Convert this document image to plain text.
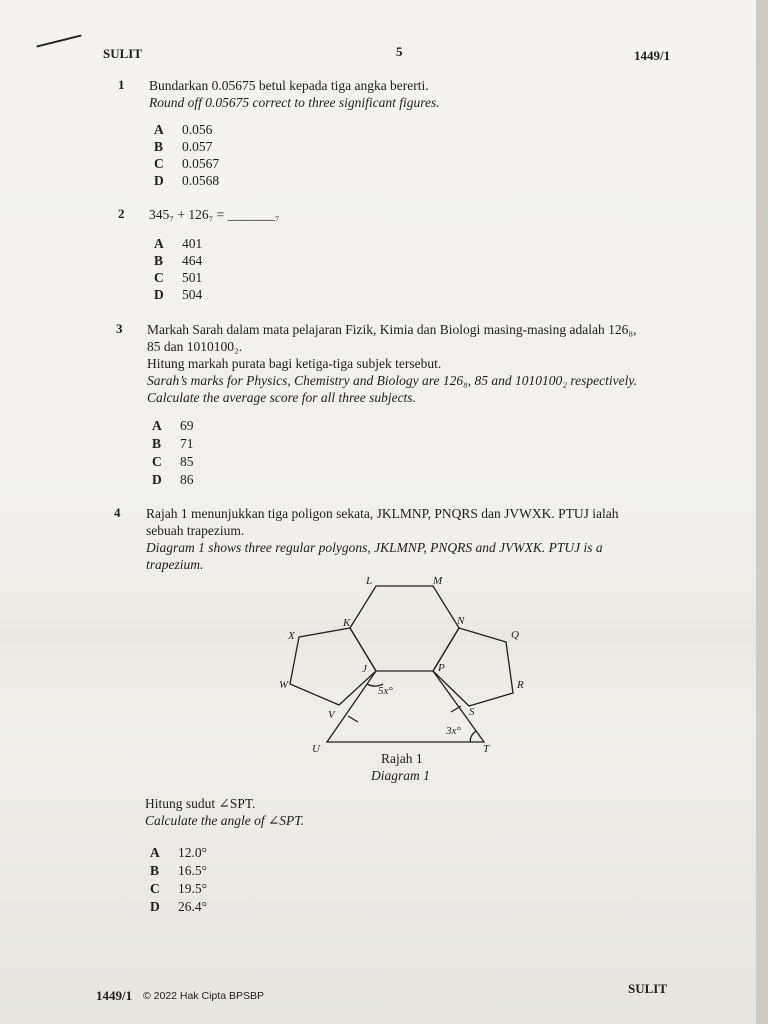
SULIT	5	1449/1
1 Bundarkan 0.05675 betul kepada tiga angka bererti.
Round off 0.05675 correct to three significant figures.
A 0.056
B 0.057
C 0.0567
D 0.0568
2 345₇ + 126₇ = _______₇
A 401
B 464
C 501
D 504
3 Markah Sarah dalam mata pelajaran Fizik, Kimia dan Biologi masing-masing adalah 126₈,
85 dan 1010100₂.
Hitung markah purata bagi ketiga-tiga subjek tersebut.
Sarah’s marks for Physics, Chemistry and Biology are 126₈, 85 and 1010100₂ respectively.
Calculate the average score for all three subjects.
A 69
B 71
C 85
D 86
4 Rajah 1 menunjukkan tiga poligon sekata, JKLMNP, PNQRS dan JVWXK. PTUJ ialah
sebuah trapezium.
Diagram 1 shows three regular polygons, JKLMNP, PNQRS and JVWXK. PTUJ is a
trapezium.
L	M
K	N
X	Q
J	P
W	R
V	S
U	T
5x°
3x°
Rajah 1
Diagram 1
Hitung sudut ∠SPT.
Calculate the angle of ∠SPT.
A 12.0°
B 16.5°
C 19.5°
D 26.4°
1449/1 © 2022 Hak Cipta BPSBP	SULIT
